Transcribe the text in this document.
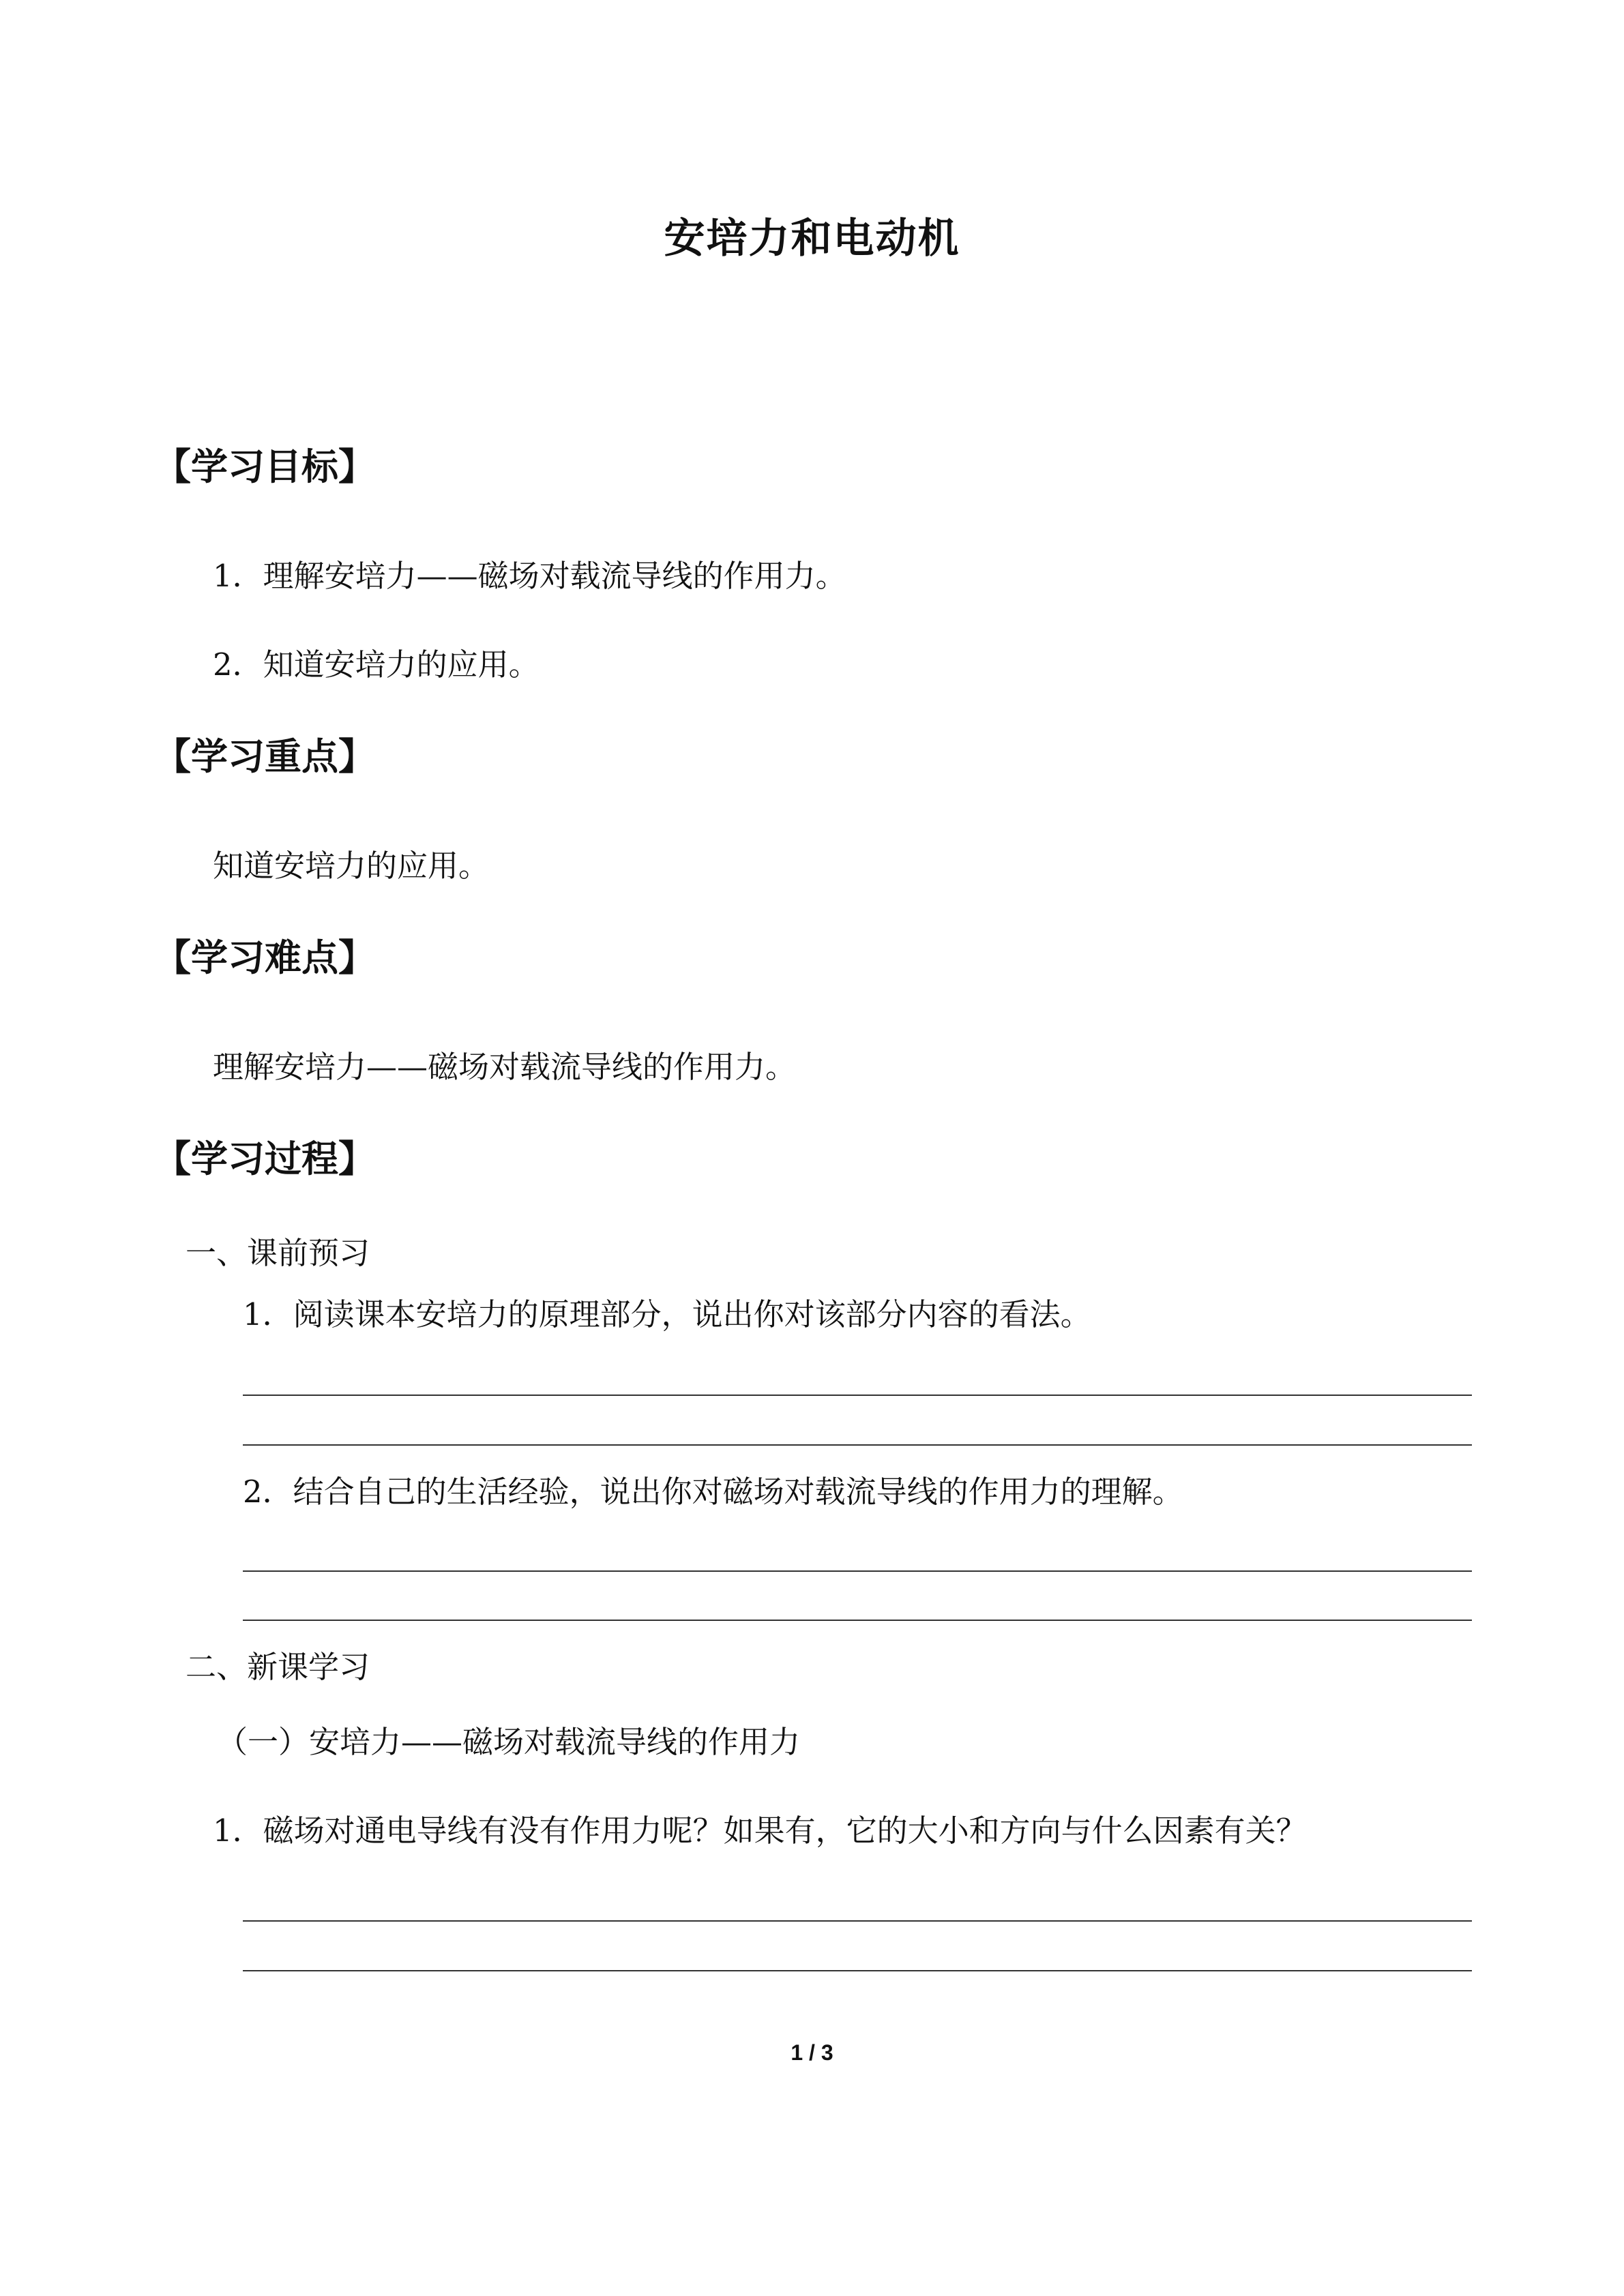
安培力和电动机
【学习目标】
1．理解安培力——磁场对载流导线的作用力。
2．知道安培力的应用。
【学习重点】
知道安培力的应用。
【学习难点】
理解安培力——磁场对载流导线的作用力。
【学习过程】
一、课前预习
1．阅读课本安培力的原理部分，说出你对该部分内容的看法。
2．结合自己的生活经验，说出你对磁场对载流导线的作用力的理解。
二、新课学习
（一）安培力——磁场对载流导线的作用力
1．磁场对通电导线有没有作用力呢？如果有，它的大小和方向与什么因素有关？
1 / 3
